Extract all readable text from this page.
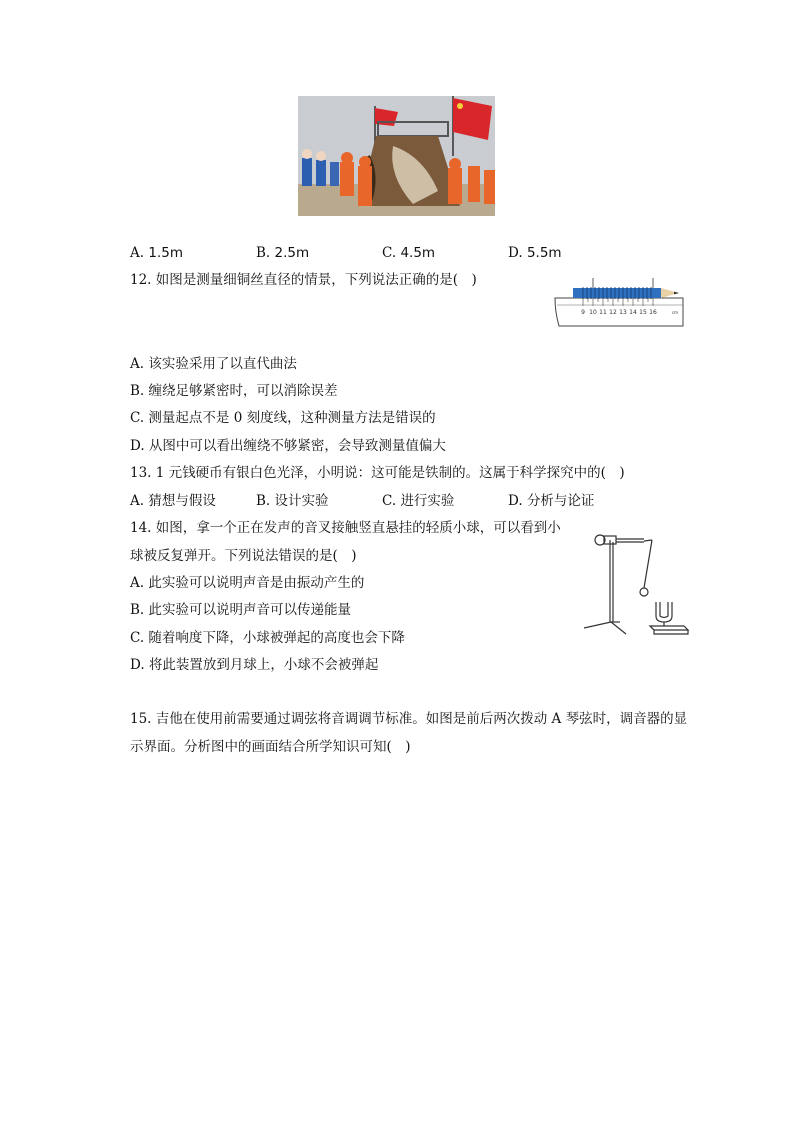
A. 1.5m	B. 2.5m	C. 4.5m	D. 5.5m
12. 如图是测量细铜丝直径的情景，下列说法正确的是(　)
9 10 11 12 13 14 15 16	cm
A. 该实验采用了以直代曲法
B. 缠绕足够紧密时，可以消除误差
C. 测量起点不是 0 刻度线，这种测量方法是错误的
D. 从图中可以看出缠绕不够紧密，会导致测量值偏大
13. 1 元钱硬币有银白色光泽，小明说：这可能是铁制的。这属于科学探究中的(　)
A. 猜想与假设	B. 设计实验	C. 进行实验	D. 分析与论证
14. 如图，拿一个正在发声的音叉接触竖直悬挂的轻质小球，可以看到小
球被反复弹开。下列说法错误的是(　)
A. 此实验可以说明声音是由振动产生的
B. 此实验可以说明声音可以传递能量
C. 随着响度下降，小球被弹起的高度也会下降
D. 将此装置放到月球上，小球不会被弹起
15. 吉他在使用前需要通过调弦将音调调节标准。如图是前后两次拨动 A 琴弦时，调音器的显
示界面。分析图中的画面结合所学知识可知(　)
